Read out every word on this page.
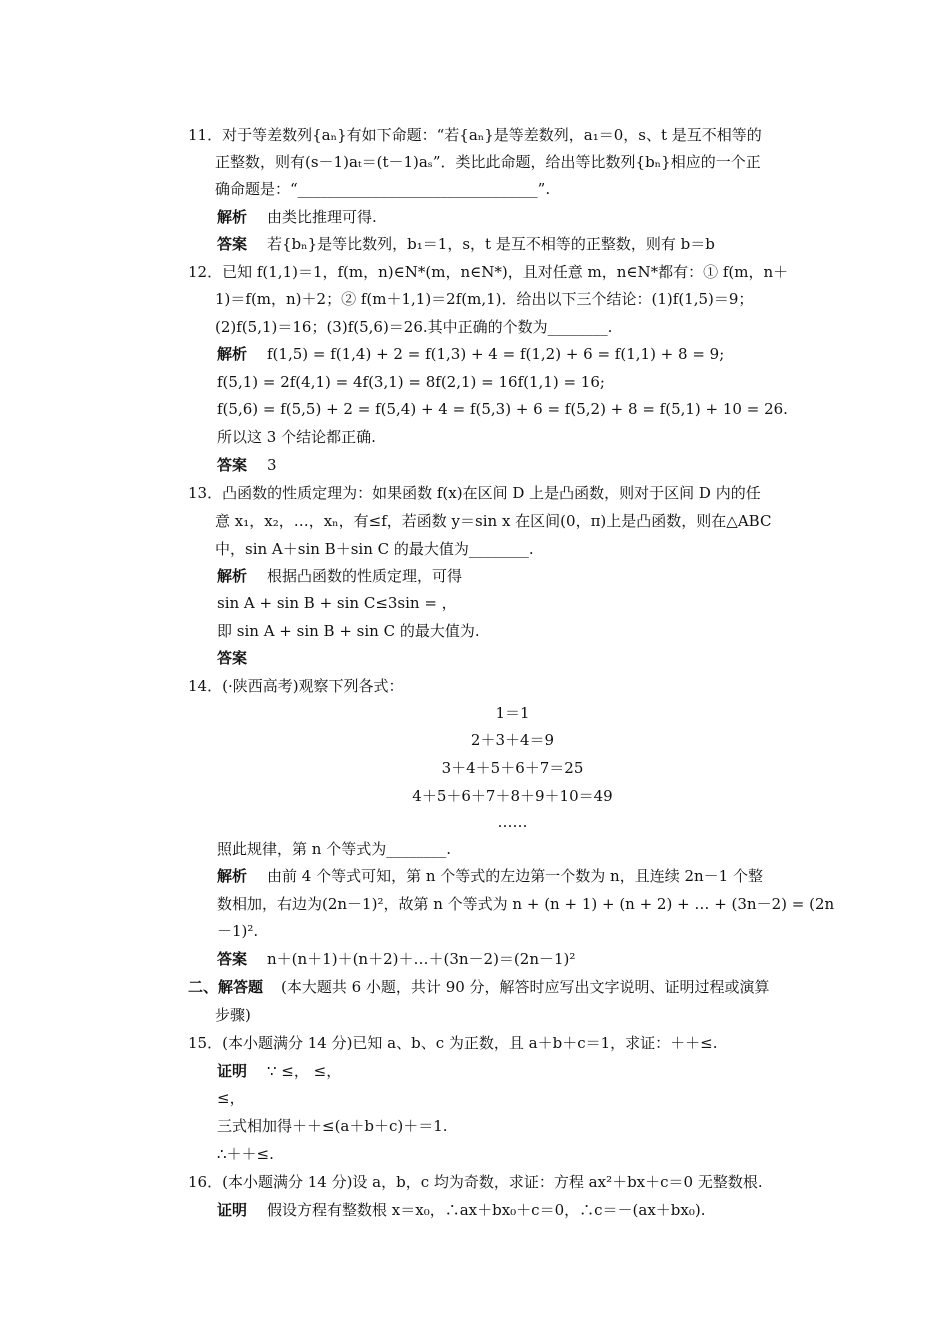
11．对于等差数列{aₙ}有如下命题：“若{aₙ}是等差数列，a₁＝0，s、t 是互不相等的
正整数，则有(s－1)aₜ＝(t－1)aₛ”．类比此命题，给出等比数列{bₙ}相应的一个正
确命题是：“________________________________”.
解析 由类比推理可得.
答案 若{bₙ}是等比数列，b₁＝1，s，t 是互不相等的正整数，则有 b＝b
12．已知 f(1,1)＝1，f(m，n)∈N*(m，n∈N*)，且对任意 m，n∈N*都有：① f(m，n＋
1)＝f(m，n)＋2；② f(m＋1,1)＝2f(m,1)．给出以下三个结论：(1)f(1,5)＝9；
(2)f(5,1)＝16；(3)f(5,6)＝26.其中正确的个数为________.
解析 f(1,5) = f(1,4) + 2 = f(1,3) + 4 = f(1,2) + 6 = f(1,1) + 8 = 9;
f(5,1) = 2f(4,1) = 4f(3,1) = 8f(2,1) = 16f(1,1) = 16;
f(5,6) = f(5,5) + 2 = f(5,4) + 4 = f(5,3) + 6 = f(5,2) + 8 = f(5,1) + 10 = 26.
所以这 3 个结论都正确.
答案 3
13．凸函数的性质定理为：如果函数 f(x)在区间 D 上是凸函数，则对于区间 D 内的任
意 x₁，x₂，…，xₙ，有≤f，若函数 y＝sin x 在区间(0，π)上是凸函数，则在△ABC
中，sin A＋sin B＋sin C 的最大值为________.
解析 根据凸函数的性质定理，可得
sin A + sin B + sin C≤3sin = ，
即 sin A + sin B + sin C 的最大值为.
答案
14．(·陕西高考)观察下列各式：
1＝1
2＋3＋4＝9
3＋4＋5＋6＋7＝25
4＋5＋6＋7＋8＋9＋10＝49
……
照此规律，第 n 个等式为________.
解析 由前 4 个等式可知，第 n 个等式的左边第一个数为 n，且连续 2n－1 个整
数相加，右边为(2n－1)²，故第 n 个等式为 n + (n + 1) + (n + 2) + … + (3n－2) = (2n
－1)².
答案 n＋(n＋1)＋(n＋2)＋…＋(3n－2)＝(2n－1)²
二、解答题 (本大题共 6 小题，共计 90 分，解答时应写出文字说明、证明过程或演算
步骤)
15．(本小题满分 14 分)已知 a、b、c 为正数，且 a＋b＋c＝1，求证：＋＋≤.
证明 ∵ ≤， ≤，
≤，
三式相加得＋＋≤(a＋b＋c)＋＝1.
∴＋＋≤.
16．(本小题满分 14 分)设 a，b，c 均为奇数，求证：方程 ax²＋bx＋c＝0 无整数根.
证明 假设方程有整数根 x＝x₀，∴ax＋bx₀＋c＝0，∴c＝－(ax＋bx₀).
